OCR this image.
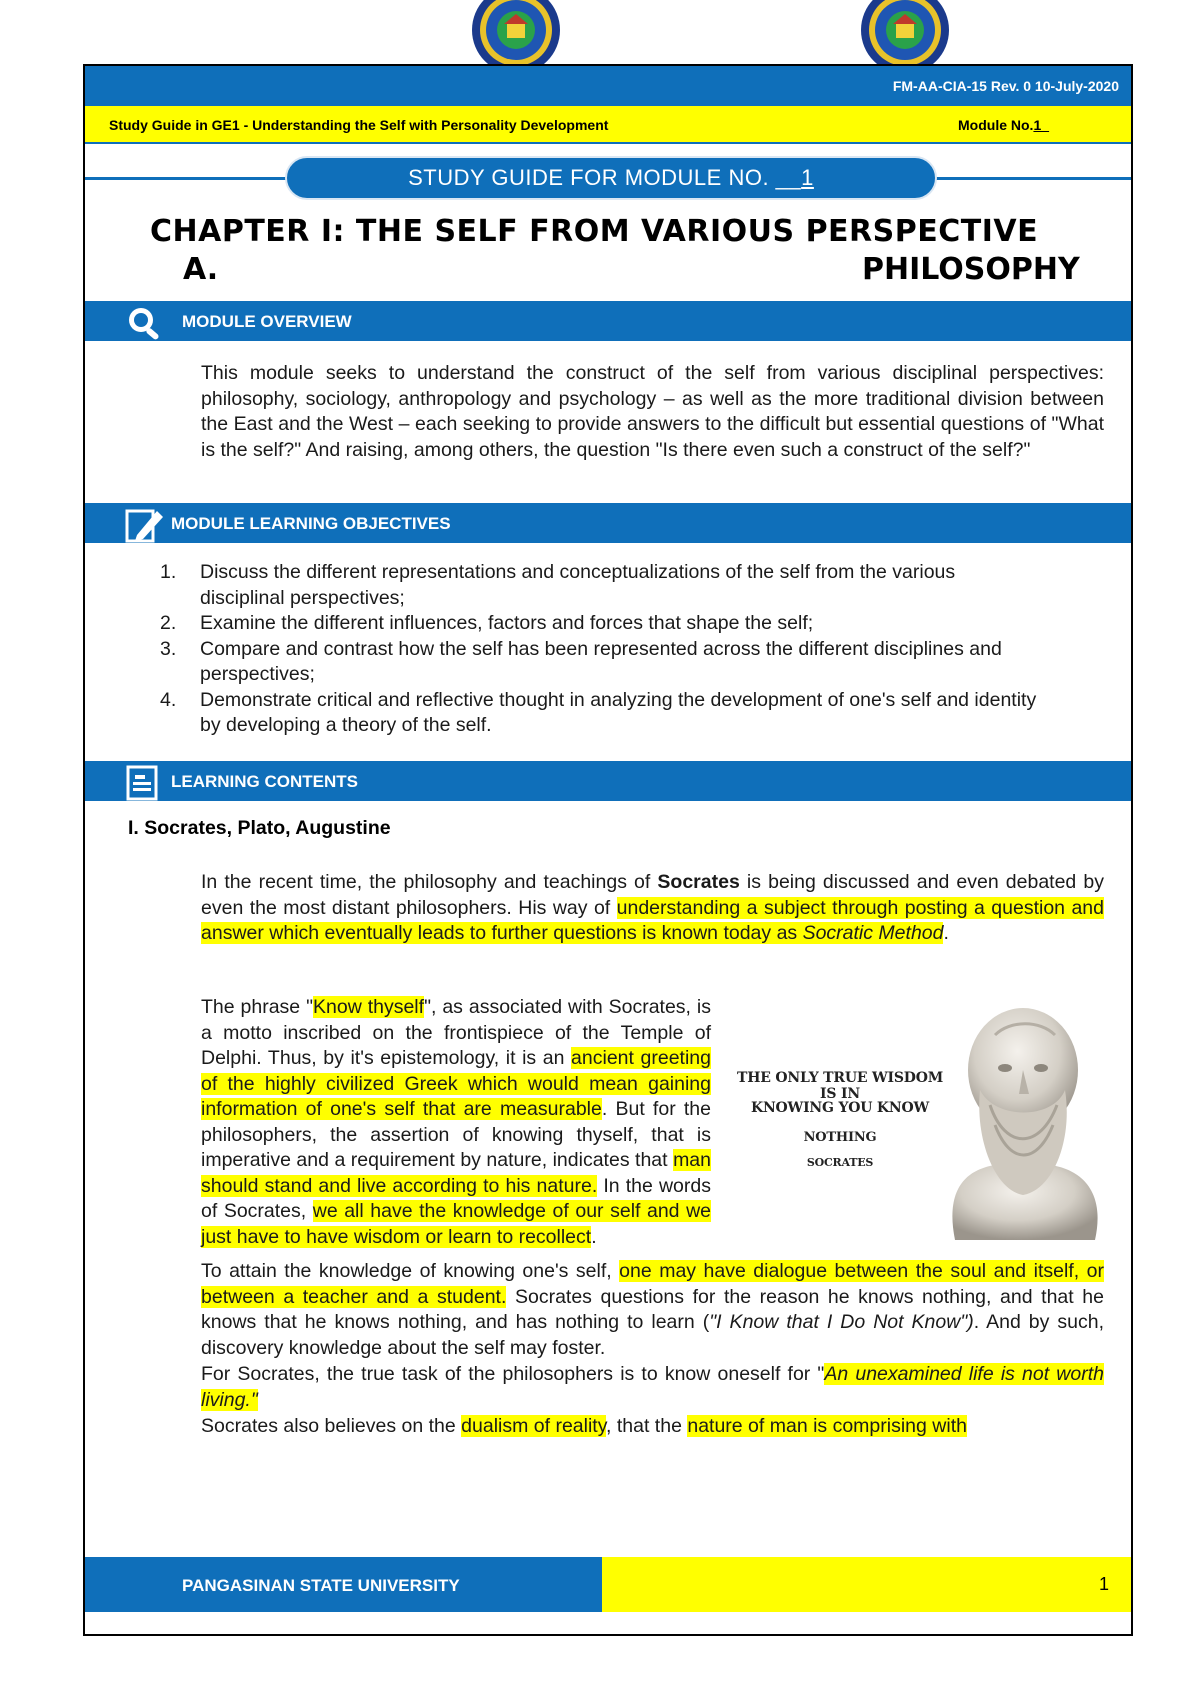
FM-AA-CIA-15 Rev. 0 10-July-2020
Study Guide in GE1 - Understanding the Self with Personality Development	Module No.1_
STUDY GUIDE FOR MODULE NO. __1
CHAPTER I: THE SELF FROM VARIOUS PERSPECTIVE
A.	PHILOSOPHY
MODULE OVERVIEW
This module seeks to understand the construct of the self from various disciplinal perspectives: philosophy, sociology, anthropology and psychology – as well as the more traditional division between the East and the West – each seeking to provide answers to the difficult but essential questions of "What is the self?" And raising, among others, the question "Is there even such a construct of the self?"
MODULE LEARNING OBJECTIVES
1. Discuss the different representations and conceptualizations of the self from the various disciplinal perspectives;
2. Examine the different influences, factors and forces that shape the self;
3. Compare and contrast how the self has been represented across the different disciplines and perspectives;
4. Demonstrate critical and reflective thought in analyzing the development of one's self and identity by developing a theory of the self.
LEARNING CONTENTS
I. Socrates, Plato, Augustine
In the recent time, the philosophy and teachings of Socrates is being discussed and even debated by even the most distant philosophers. His way of understanding a subject through posting a question and answer which eventually leads to further questions is known today as Socratic Method.
The phrase "Know thyself", as associated with Socrates, is a motto inscribed on the frontispiece of the Temple of Delphi. Thus, by it's epistemology, it is an ancient greeting of the highly civilized Greek which would mean gaining information of one's self that are measurable. But for the philosophers, the assertion of knowing thyself, that is imperative and a requirement by nature, indicates that man should stand and live according to his nature. In the words of Socrates, we all have the knowledge of our self and we just have to have wisdom or learn to recollect.
THE ONLY TRUE WISDOM IS IN
KNOWING YOU KNOW
NOTHING
SOCRATES
To attain the knowledge of knowing one's self, one may have dialogue between the soul and itself, or between a teacher and a student. Socrates questions for the reason he knows nothing, and that he knows that he knows nothing, and has nothing to learn ("I Know that I Do Not Know"). And by such, discovery knowledge about the self may foster.
For Socrates, the true task of the philosophers is to know oneself for "An unexamined life is not worth living."
Socrates also believes on the dualism of reality, that the nature of man is comprising with
PANGASINAN STATE UNIVERSITY	1
